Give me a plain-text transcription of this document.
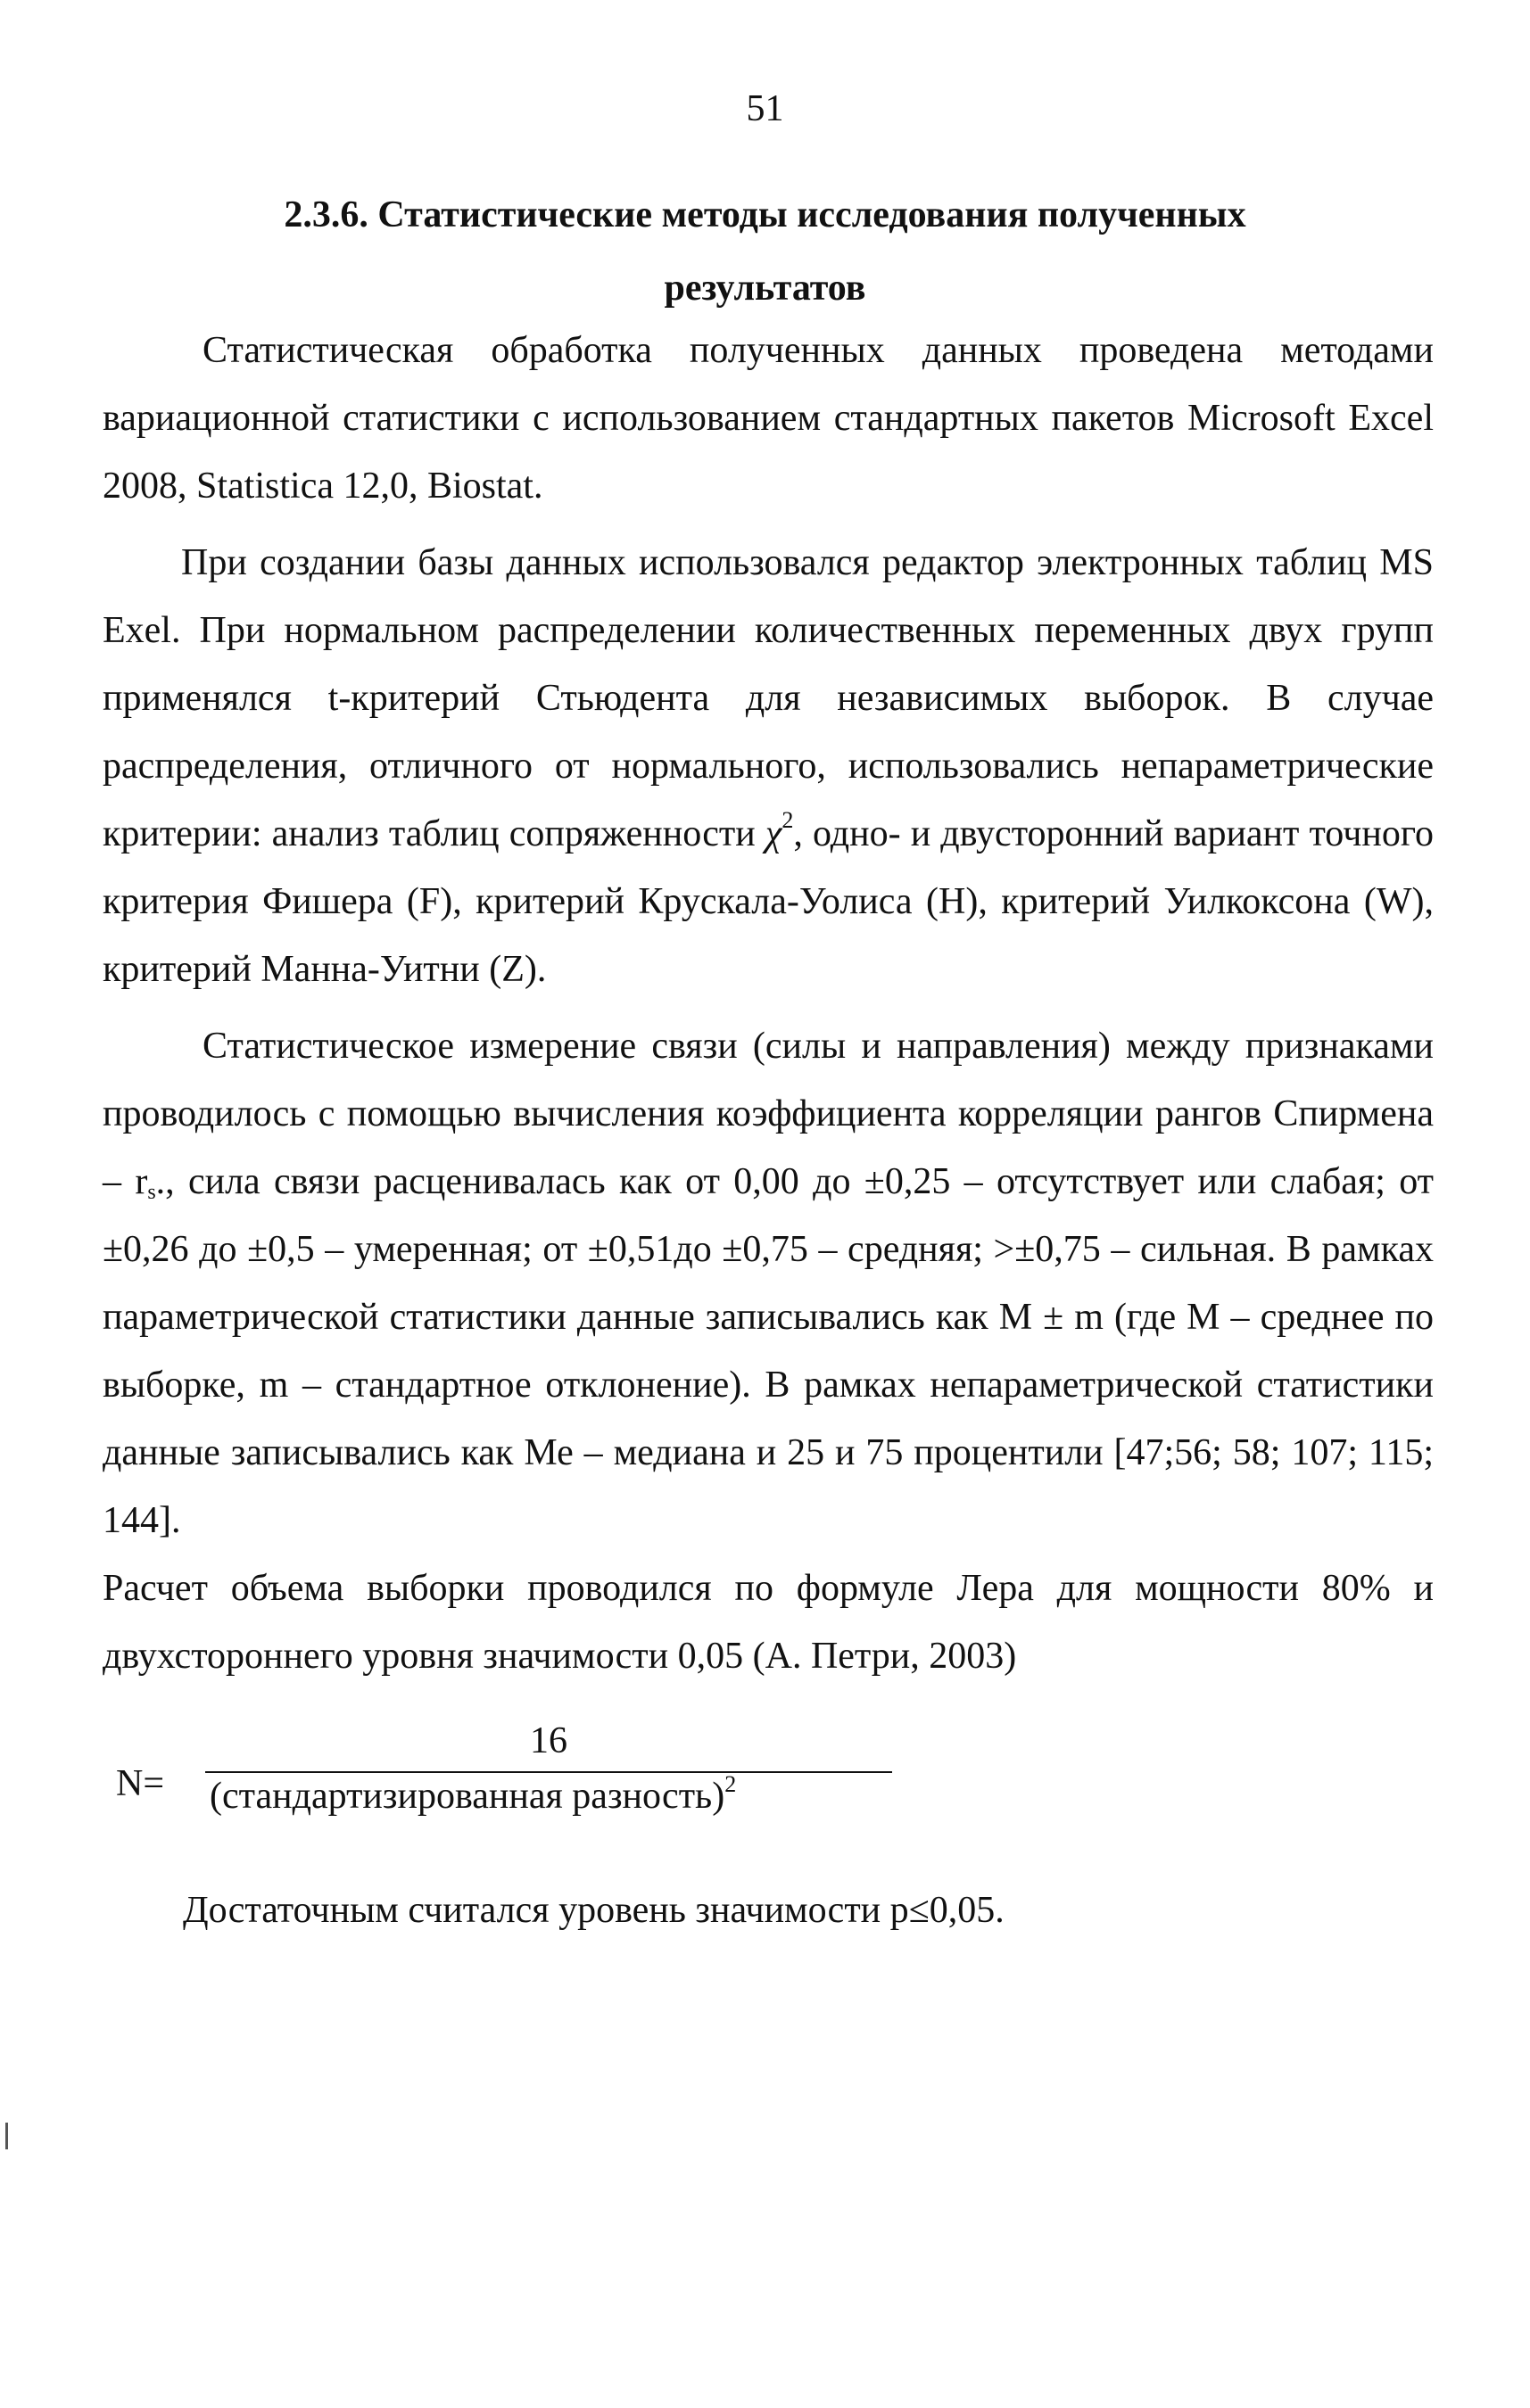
51
2.3.6. Статистические методы исследования полученных
результатов

Статистическая обработка полученных данных проведена методами вариационной статистики с использованием стандартных пакетов Microsoft Excel 2008, Statistica 12,0, Biostat.

При создании базы данных использовался редактор электронных таблиц MS Exel. При нормальном распределении количественных переменных двух групп применялся t-критерий Стьюдента для независимых выборок. В случае распределения, отличного от нормального, использовались непараметрические критерии: анализ таблиц сопряженности $\chi^2$, одно- и двусторонний вариант точного критерия Фишера (F), критерий Крускала-Уолиса (H), критерий Уилкоксона (W), критерий Манна-Уитни (Z).

Статистическое измерение связи (силы и направления) между признаками проводилось с помощью вычисления коэффициента корреляции рангов Спирмена – $r_s$., сила связи расценивалась как от 0,00 до ±0,25 – отсутствует или слабая; от ±0,26 до ±0,5 – умеренная; от ±0,51до ±0,75 – средняя; >±0,75 – сильная. В рамках параметрической статистики данные записывались как M ± m (где M – среднее по выборке, m – стандартное отклонение). В рамках непараметрической статистики данные записывались как Ме – медиана и 25 и 75 процентили [47;56; 58; 107; 115; 144].

Расчет объема выборки проводился по формуле Лера для мощности 80% и двухстороннего уровня значимости 0,05 (А. Петри, 2003)

N=
16
(стандартизированная разность)$^2$
Достаточным считался уровень значимости p≤0,05.
